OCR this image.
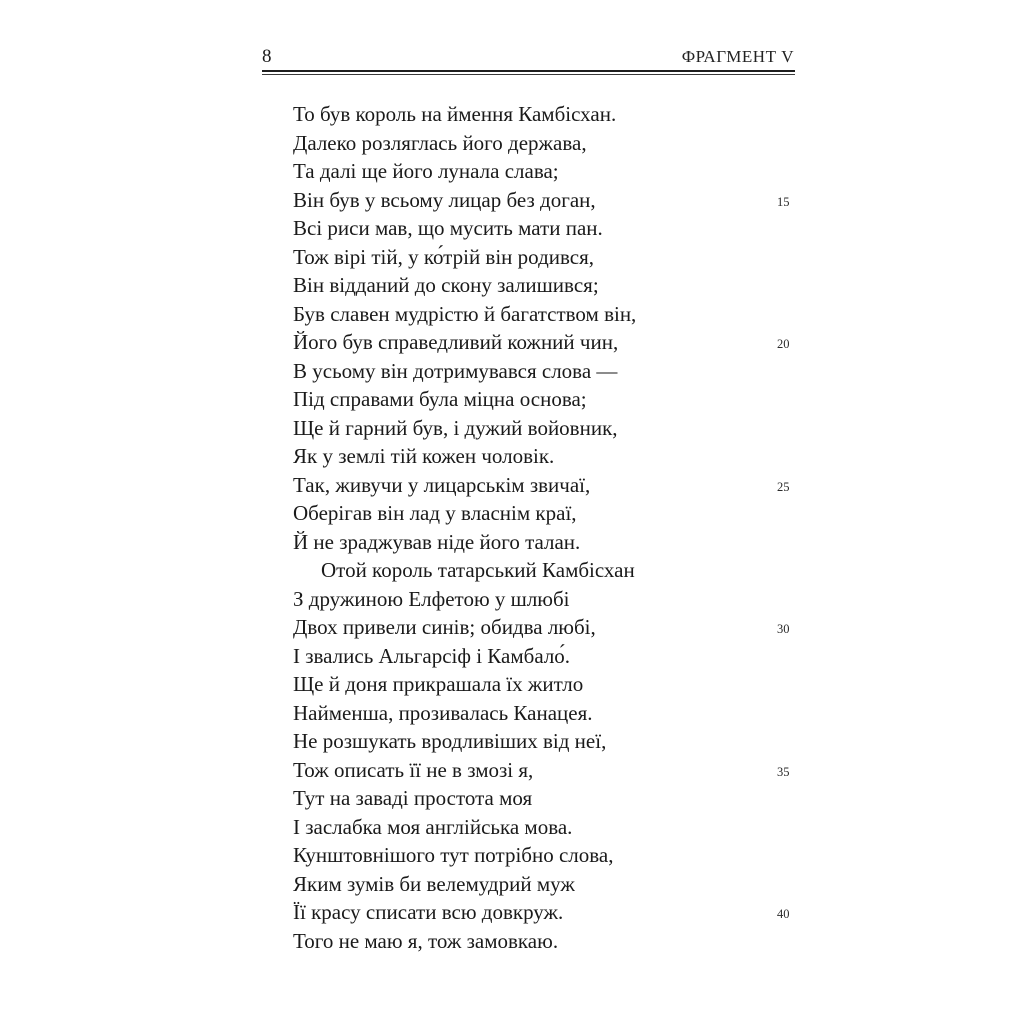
8	ФРАГМЕНТ V
То був король на ймення Камбісхан.
Далеко розляглась його держава,
Та далі ще його лунала слава;
Він був у всьому лицар без доган,	15
Всі риси мав, що мусить мати пан.
Тож вірі тій, у ко́трій він родився,
Він відданий до скону залишився;
Був славен мудрістю й багатством він,
Його був справедливий кожний чин,	20
В усьому він дотримувався слова —
Під справами була міцна основа;
Ще й гарний був, і дужий войовник,
Як у землі тій кожен чоловік.
Так, живучи у лицарськім звичаї,	25
Оберігав він лад у власнім краї,
Й не зраджував ніде його талан.
Отой король татарський Камбісхан
З дружиною Елфетою у шлюбі
Двох привели синів; обидва любі,	30
І звались Альгарсіф і Камбало́.
Ще й доня прикрашала їх житло
Найменша, прозивалась Канацея.
Не розшукать вродливіших від неї,
Тож описать її не в змозі я,	35
Тут на заваді простота моя
І заслабка моя англійська мова.
Кунштовнішого тут потрібно слова,
Яким зумів би велемудрий муж
Її красу списати всю довкруж.	40
Того не маю я, тож замовкаю.
